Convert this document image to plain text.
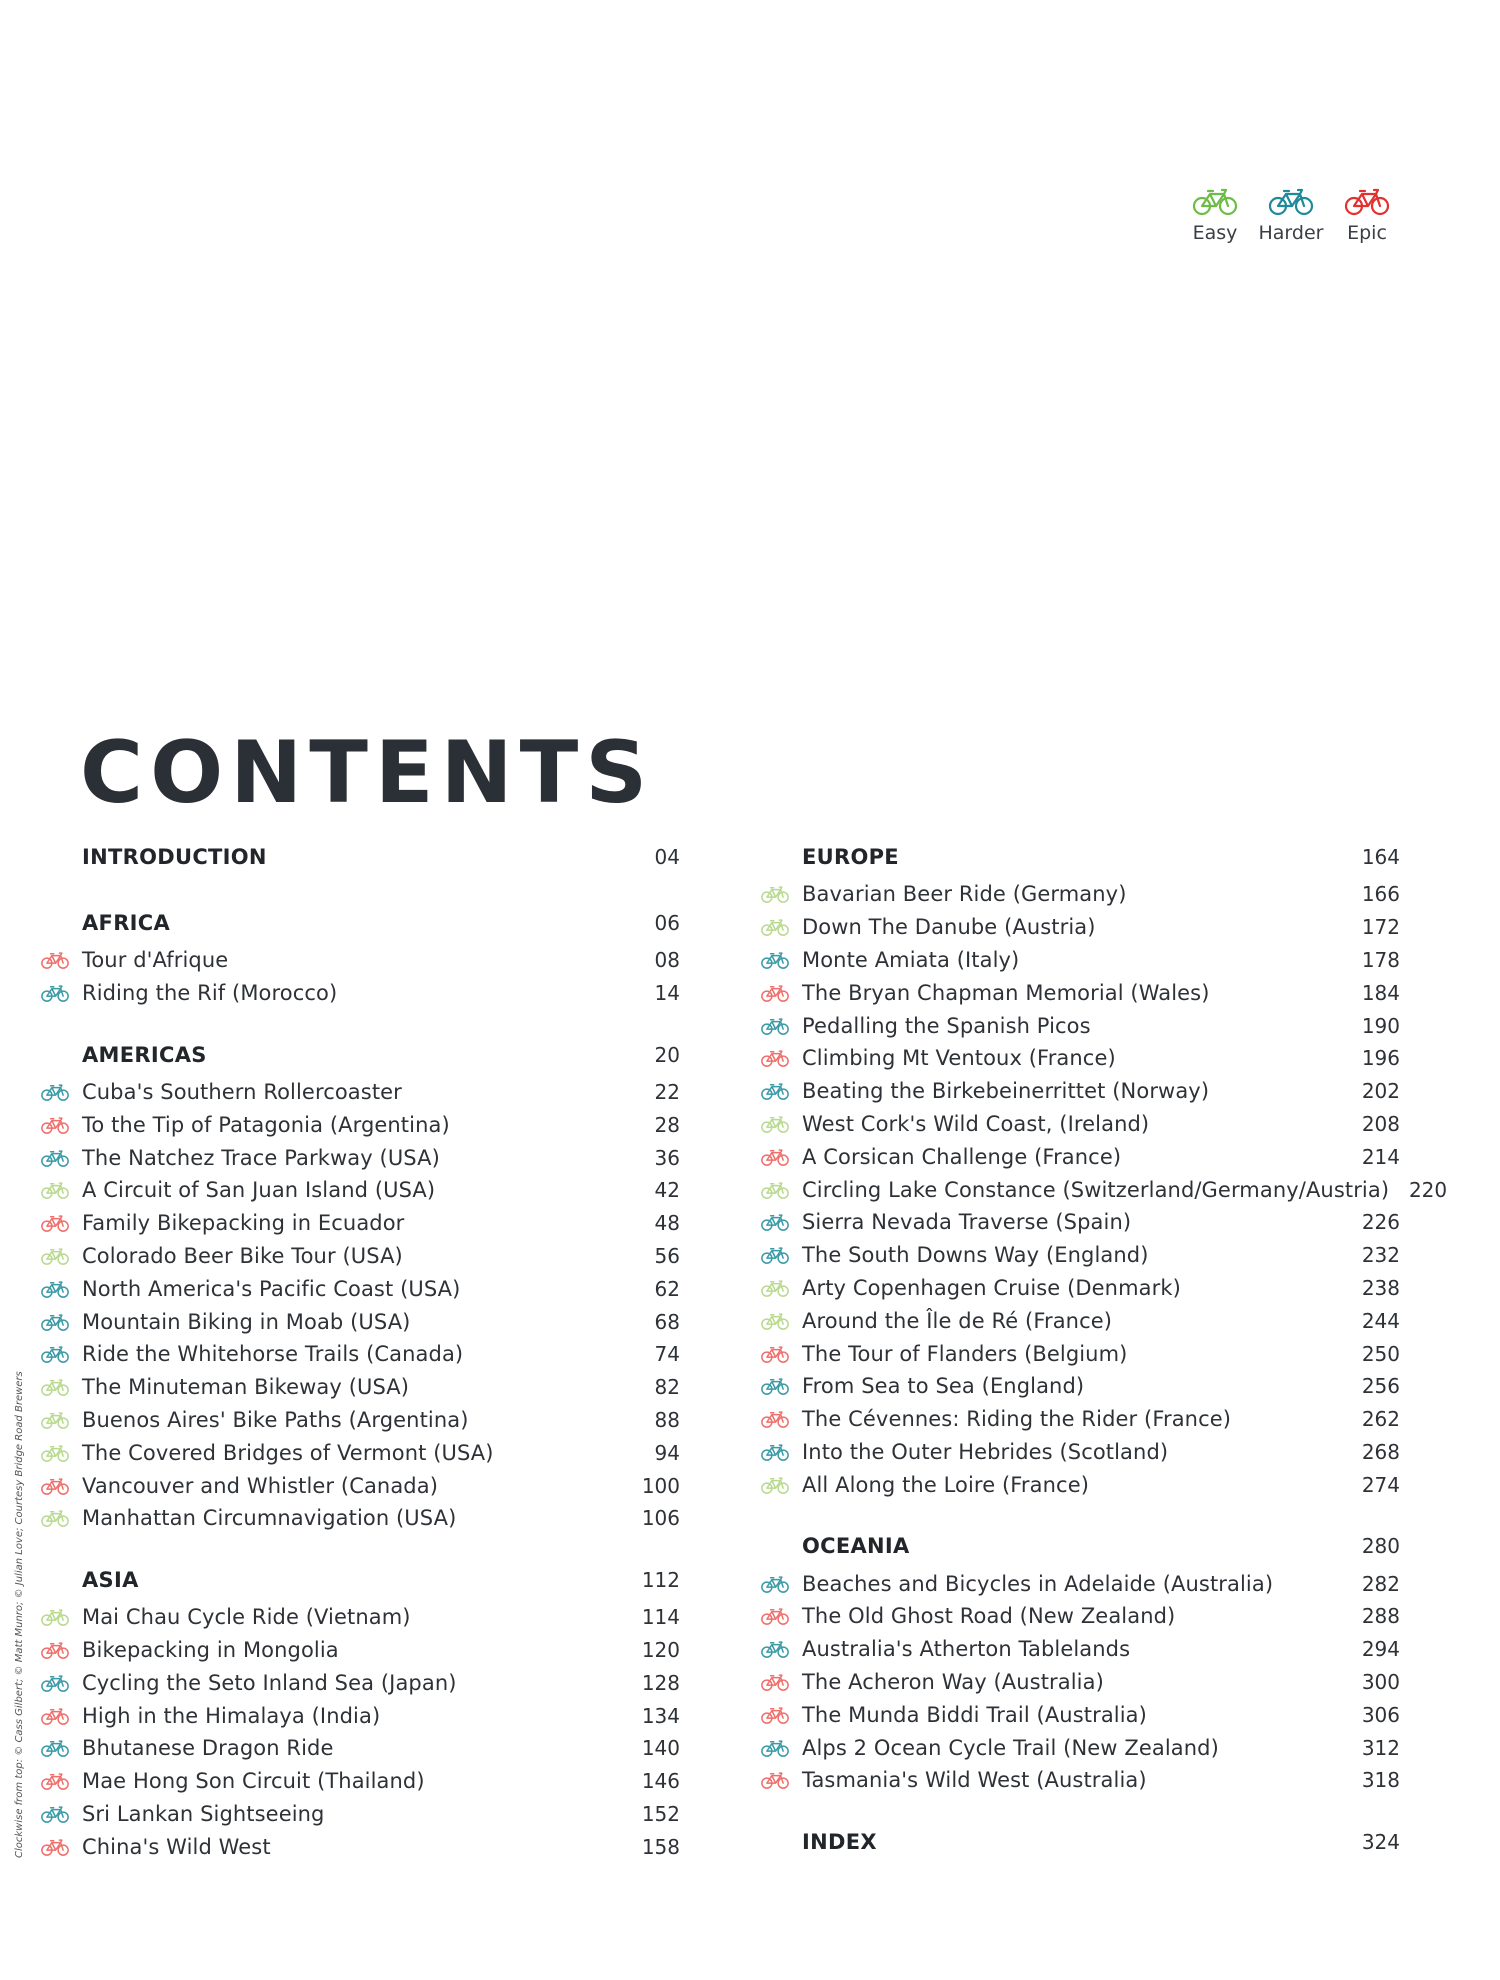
Easy Harder Epic
CONTENTS
INTRODUCTION	04
AFRICA	06
Tour d'Afrique	08
Riding the Rif (Morocco)	14
AMERICAS	20
Cuba's Southern Rollercoaster	22
To the Tip of Patagonia (Argentina)	28
The Natchez Trace Parkway (USA)	36
A Circuit of San Juan Island (USA)	42
Family Bikepacking in Ecuador	48
Colorado Beer Bike Tour (USA)	56
North America's Pacific Coast (USA)	62
Mountain Biking in Moab (USA)	68
Ride the Whitehorse Trails (Canada)	74
The Minuteman Bikeway (USA)	82
Buenos Aires' Bike Paths (Argentina)	88
The Covered Bridges of Vermont (USA)	94
Vancouver and Whistler (Canada)	100
Manhattan Circumnavigation (USA)	106
ASIA	112
Mai Chau Cycle Ride (Vietnam)	114
Bikepacking in Mongolia	120
Cycling the Seto Inland Sea (Japan)	128
High in the Himalaya (India)	134
Bhutanese Dragon Ride	140
Mae Hong Son Circuit (Thailand)	146
Sri Lankan Sightseeing	152
China's Wild West	158
EUROPE	164
Bavarian Beer Ride (Germany)	166
Down The Danube (Austria)	172
Monte Amiata (Italy)	178
The Bryan Chapman Memorial (Wales)	184
Pedalling the Spanish Picos	190
Climbing Mt Ventoux (France)	196
Beating the Birkebeinerrittet (Norway)	202
West Cork's Wild Coast, (Ireland)	208
A Corsican Challenge (France)	214
Circling Lake Constance (Switzerland/Germany/Austria) 220
Sierra Nevada Traverse (Spain)	226
The South Downs Way (England)	232
Arty Copenhagen Cruise (Denmark)	238
Around the Île de Ré (France)	244
The Tour of Flanders (Belgium)	250
From Sea to Sea (England)	256
The Cévennes: Riding the Rider (France)	262
Into the Outer Hebrides (Scotland)	268
All Along the Loire (France)	274
OCEANIA	280
Beaches and Bicycles in Adelaide (Australia)	282
The Old Ghost Road (New Zealand)	288
Australia's Atherton Tablelands	294
The Acheron Way (Australia)	300
The Munda Biddi Trail (Australia)	306
Alps 2 Ocean Cycle Trail (New Zealand)	312
Tasmania's Wild West (Australia)	318
INDEX	324
Clockwise from top: © Cass Gilbert; © Matt Munro; © Julian Love; Courtesy Bridge Road Brewers
